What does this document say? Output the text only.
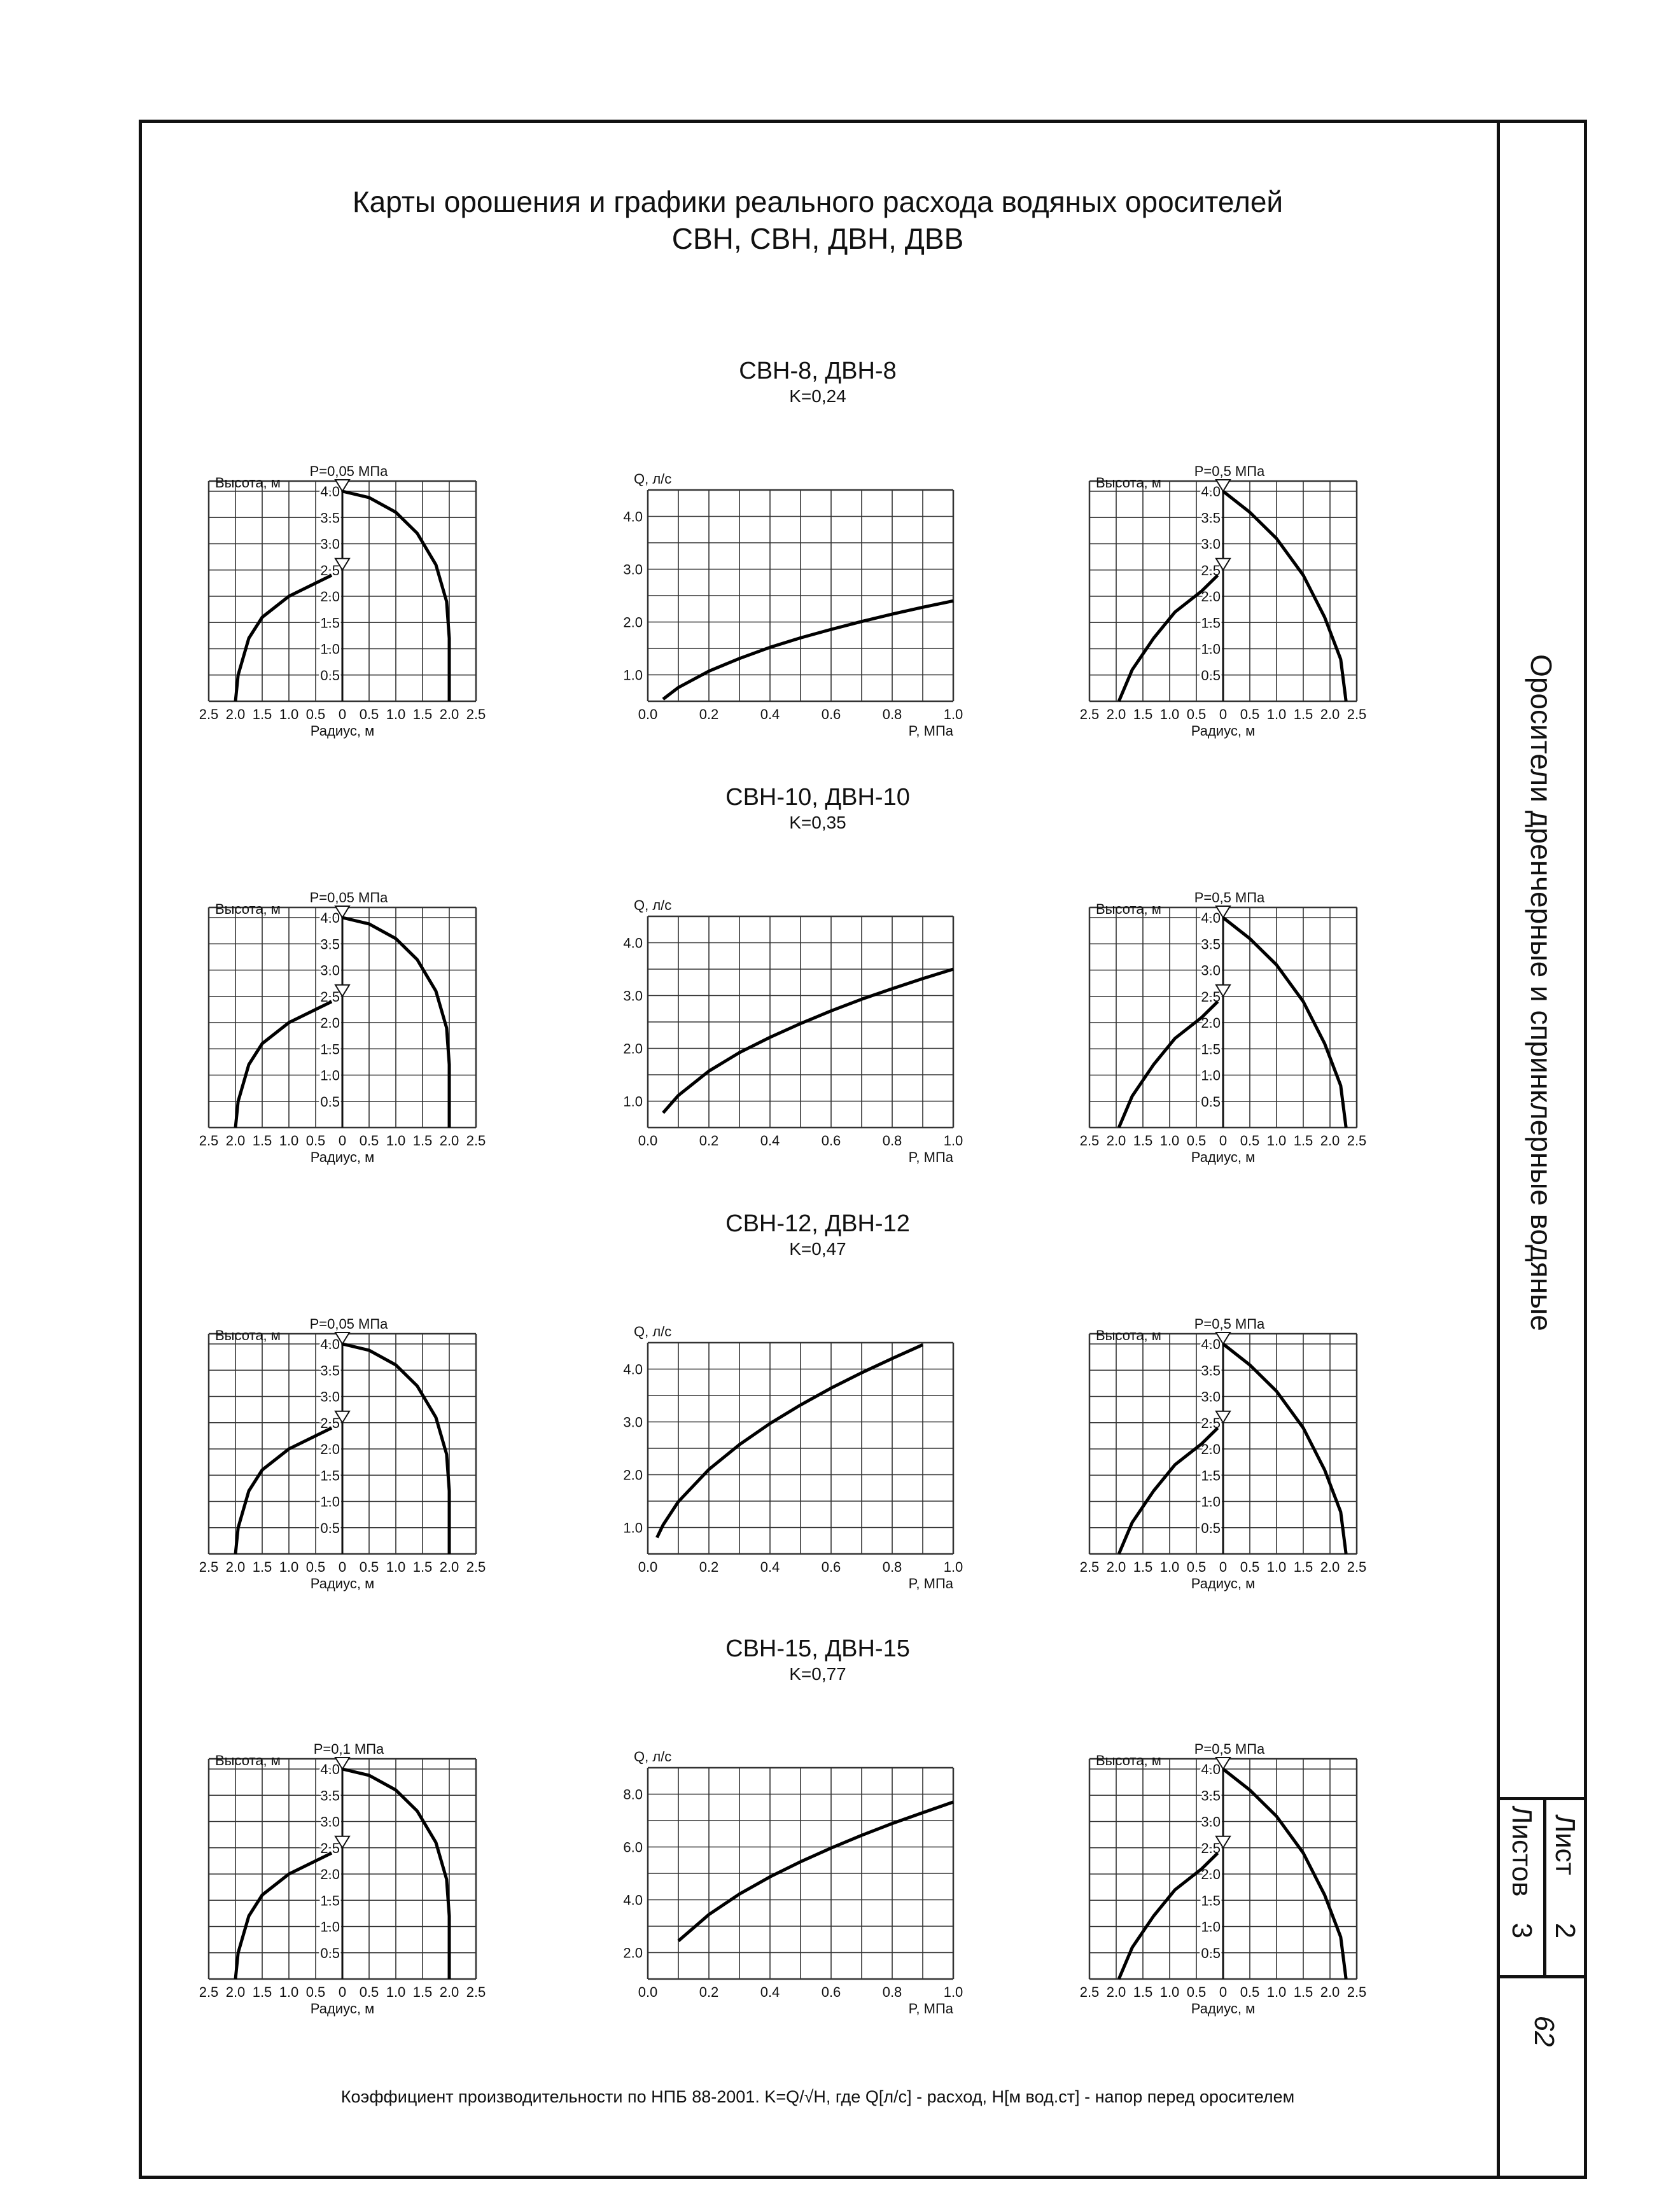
Лист
2
Листов
3
62
Оросители дренчерные и спринклерные водяные
Карты орошения и графики реального расхода водяных оросителей
СВН, СВН, ДВН, ДВВ
СВН-8, ДВН-8
K=0,24
СВН-10, ДВН-10
K=0,35
СВН-12, ДВН-12
K=0,47
СВН-15, ДВН-15
K=0,77
0.5
1.0
1.5
2.0
2.5
3.0
3.5
4.0
2.5 2.0 1.5 1.0 0.5 0 0.5 1.0 1.5 2.0 2.5
Радиус, м
Высота, м
P=0,05 МПа
0.0	0.2	0.4	0.6	0.8	1.0
1.0
2.0
3.0
4.0
Q, л/с
P, МПа
0.5
1.0
1.5
2.0
2.5
3.0
3.5
4.0
2.5 2.0 1.5 1.0 0.5 0 0.5 1.0 1.5 2.0 2.5
Радиус, м
Высота, м
P=0,5 МПа
0.5
1.0
1.5
2.0
2.5
3.0
3.5
4.0
2.5 2.0 1.5 1.0 0.5 0 0.5 1.0 1.5 2.0 2.5
Радиус, м
Высота, м
P=0,05 МПа
0.0	0.2	0.4	0.6	0.8	1.0
1.0
2.0
3.0
4.0
Q, л/с
P, МПа
0.5
1.0
1.5
2.0
2.5
3.0
3.5
4.0
2.5 2.0 1.5 1.0 0.5 0 0.5 1.0 1.5 2.0 2.5
Радиус, м
Высота, м
P=0,5 МПа
0.5
1.0
1.5
2.0
2.5
3.0
3.5
4.0
2.5 2.0 1.5 1.0 0.5 0 0.5 1.0 1.5 2.0 2.5
Радиус, м
Высота, м
P=0,05 МПа
0.0	0.2	0.4	0.6	0.8	1.0
1.0
2.0
3.0
4.0
Q, л/с
P, МПа
0.5
1.0
1.5
2.0
2.5
3.0
3.5
4.0
2.5 2.0 1.5 1.0 0.5 0 0.5 1.0 1.5 2.0 2.5
Радиус, м
Высота, м
P=0,5 МПа
0.5
1.0
1.5
2.0
2.5
3.0
3.5
4.0
2.5 2.0 1.5 1.0 0.5 0 0.5 1.0 1.5 2.0 2.5
Радиус, м
Высота, м
P=0,1 МПа
0.0	0.2	0.4	0.6	0.8	1.0
2.0
4.0
6.0
8.0
Q, л/с
P, МПа
0.5
1.0
1.5
2.0
2.5
3.0
3.5
4.0
2.5 2.0 1.5 1.0 0.5 0 0.5 1.0 1.5 2.0 2.5
Радиус, м
Высота, м
P=0,5 МПа
Коэффициент производительности по НПБ 88-2001. K=Q/√H, где Q[л/с] - расход, H[м вод.ст] - напор перед оросителем
